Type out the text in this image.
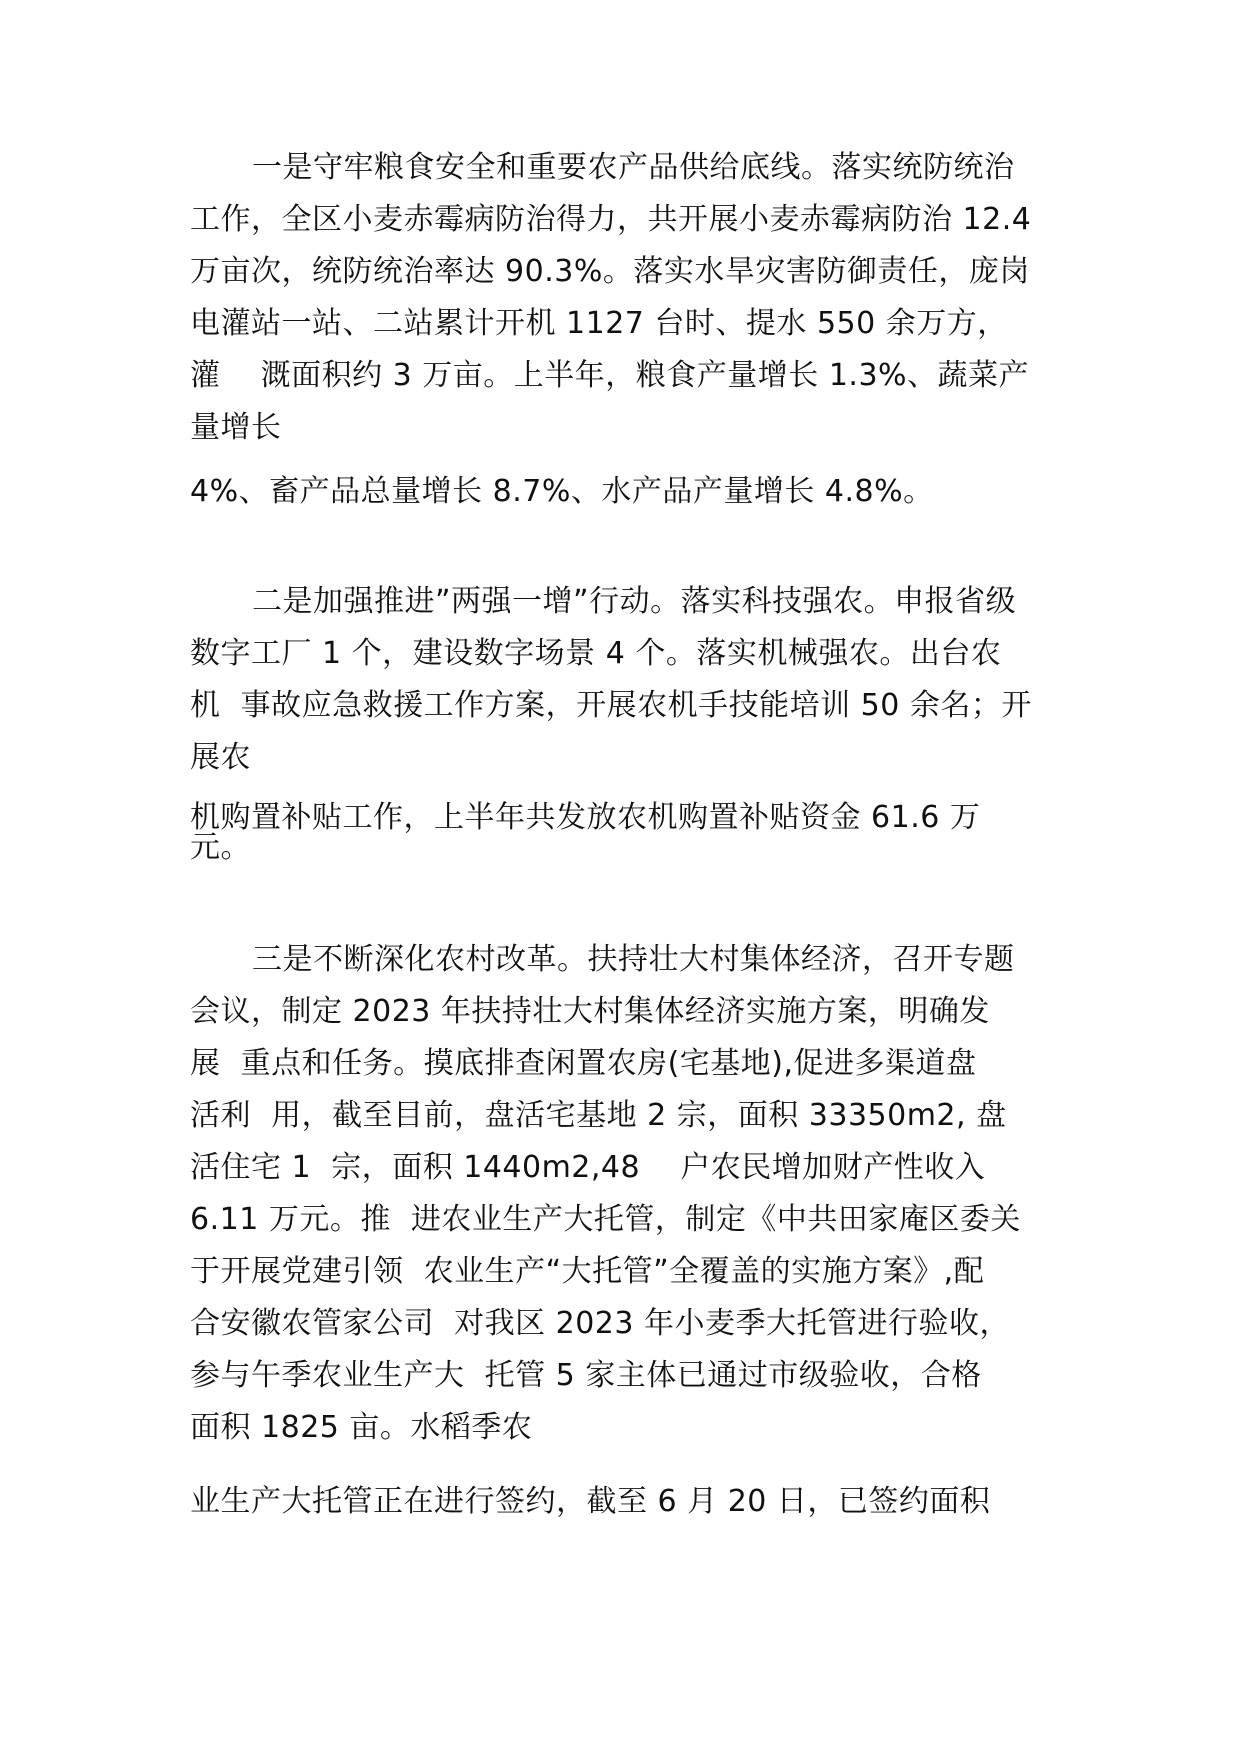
一是守牢粮食安全和重要农产品供给底线。落实统防统治
工作，全区小麦赤霉病防治得力，共开展小麦赤霉病防治 12.4
万亩次，统防统治率达 90.3%。落实水旱灾害防御责任，庞岗
电灌站一站、二站累计开机 1127 台时、提水 550 余万方，
灌    溉面积约 3 万亩。上半年，粮食产量增长 1.3%、蔬菜产
量增长
4%、畜产品总量增长 8.7%、水产品产量增长 4.8%。
二是加强推进”两强一增”行动。落实科技强农。申报省级
数字工厂 1 个，建设数字场景 4 个。落实机械强农。出台农
机  事故应急救援工作方案，开展农机手技能培训 50 余名；开
展农
机购置补贴工作，上半年共发放农机购置补贴资金 61.6 万
元。
三是不断深化农村改革。扶持壮大村集体经济，召开专题
会议，制定 2023 年扶持壮大村集体经济实施方案，明确发
展  重点和任务。摸底排查闲置农房(宅基地),促进多渠道盘
活利  用，截至目前，盘活宅基地 2 宗，面积 33350m2, 盘
活住宅 1  宗，面积 1440m2,48    户农民增加财产性收入
6.11 万元。推  进农业生产大托管，制定《中共田家庵区委关
于开展党建引领  农业生产“大托管”全覆盖的实施方案》,配
合安徽农管家公司  对我区 2023 年小麦季大托管进行验收，
参与午季农业生产大  托管 5 家主体已通过市级验收，合格
面积 1825 亩。水稻季农
业生产大托管正在进行签约，截至 6 月 20 日，已签约面积
